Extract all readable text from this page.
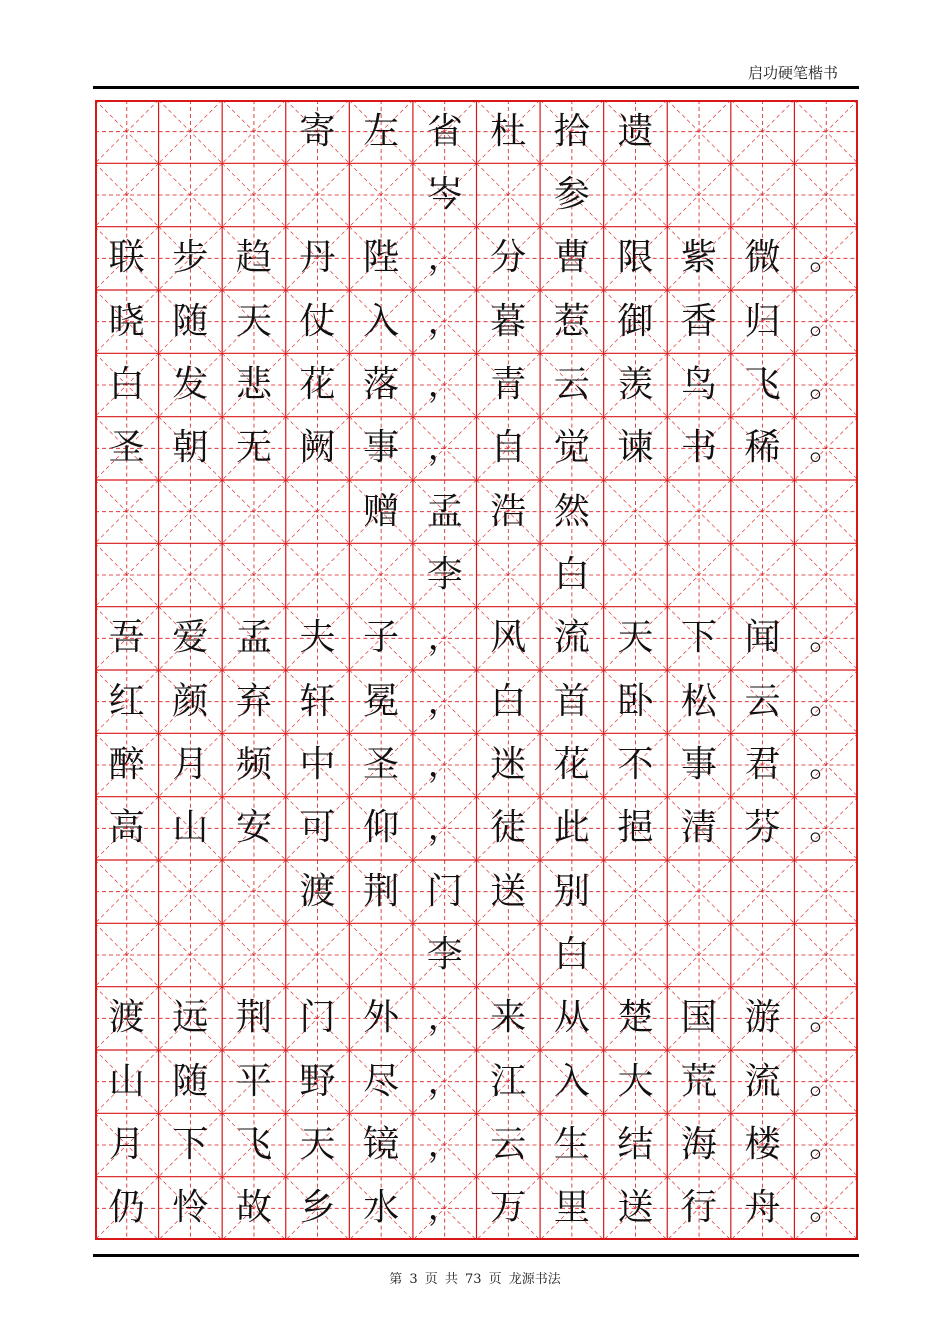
启功硬笔楷书
寄 左 省 杜 拾 遗
岑	参
联 步 趋 丹 陛 ， 分 曹 限 紫 微 。
晓 随 天 仗 入 ， 暮 惹 御 香 归 。
白 发 悲 花 落 ， 青 云 羡 鸟 飞 。
圣 朝 无 阙 事 ， 自 觉 谏 书 稀 。
赠 孟 浩 然
李	白
吾 爱 孟 夫 子 ， 风 流 天 下 闻 。
红 颜 弃 轩 冕 ， 白 首 卧 松 云 。
醉 月 频 中 圣 ， 迷 花 不 事 君 。
高 山 安 可 仰 ， 徒 此 挹 清 芬 。
渡 荆 门 送 别
李	白
渡 远 荆 门 外 ， 来 从 楚 国 游 。
山 随 平 野 尽 ， 江 入 大 荒 流 。
月 下 飞 天 镜 ， 云 生 结 海 楼 。
仍 怜 故 乡 水 ， 万 里 送 行 舟 。
第 3 页 共 73 页 龙源书法
